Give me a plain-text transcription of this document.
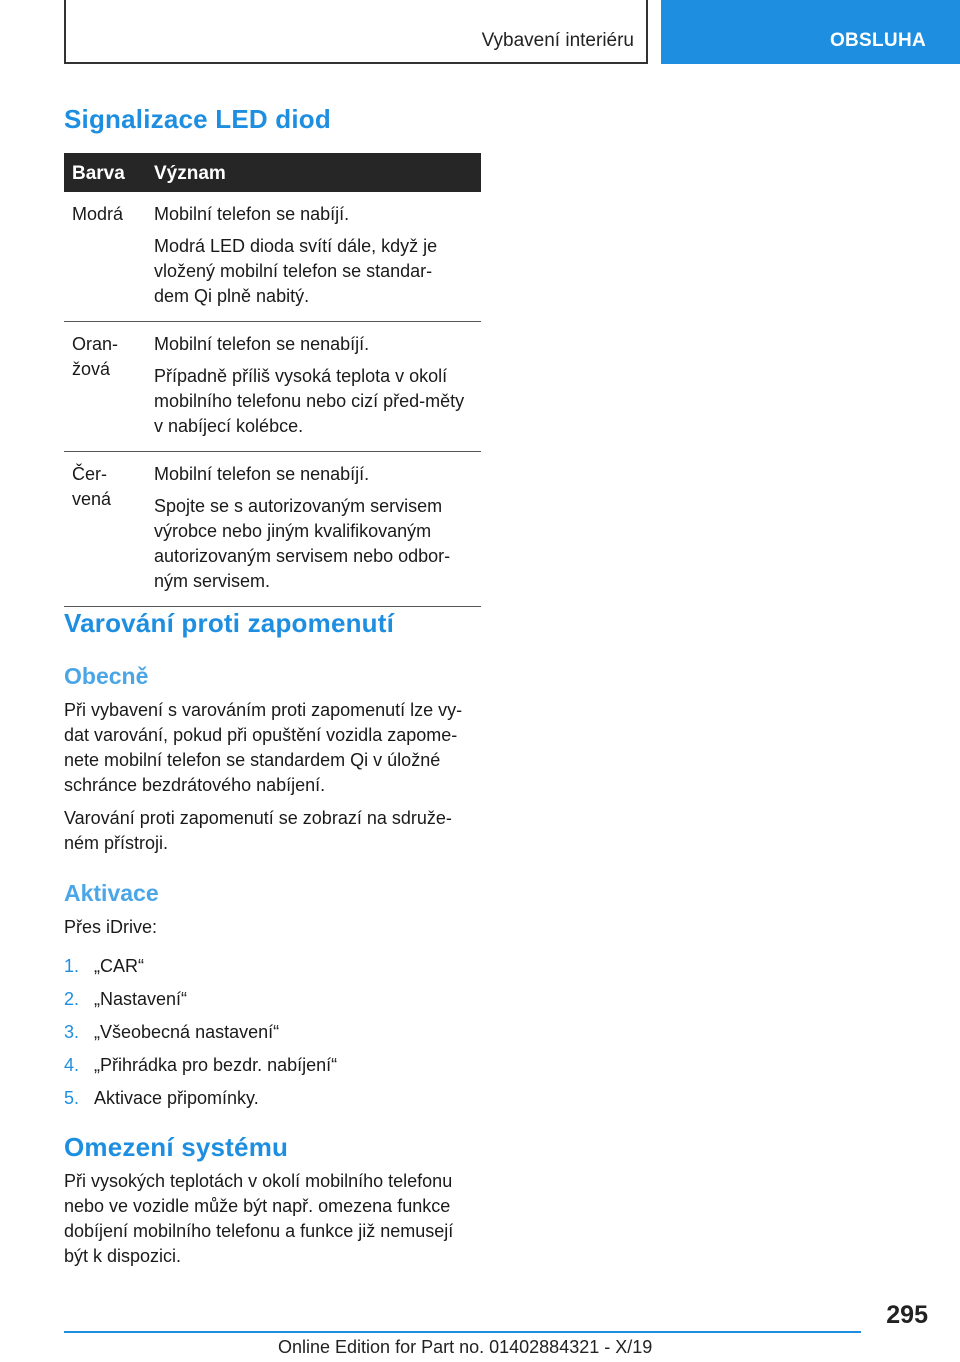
Vybavení interiéru	OBSLUHA
Signalizace LED diod
Barva Význam
Modrá	Mobilní telefon se nabíjí.
Modrá LED dioda svítí dále, když je vložený mobilní telefon se standar‐dem Qi plně nabitý.
Oran‐
žová
Mobilní telefon se nenabíjí.
Případně příliš vysoká teplota v okolí mobilního telefonu nebo cizí před‐měty v nabíjecí kolébce.
Čer‐
vená
Mobilní telefon se nenabíjí.
Spojte se s autorizovaným servisem výrobce nebo jiným kvalifikovaným autorizovaným servisem nebo odbor‐ným servisem.
Varování proti zapomenutí
Obecně
Při vybavení s varováním proti zapomenutí lze vy‐dat varování, pokud při opuštění vozidla zapome‐nete mobilní telefon se standardem Qi v úložné schránce bezdrátového nabíjení.
Varování proti zapomenutí se zobrazí na sdruže‐ném přístroji.
Aktivace
Přes iDrive:
1. „CAR“
2. „Nastavení“
3. „Všeobecná nastavení“
4. „Přihrádka pro bezdr. nabíjení“
5. Aktivace připomínky.
Omezení systému
Při vysokých teplotách v okolí mobilního telefonu nebo ve vozidle může být např. omezena funkce dobíjení mobilního telefonu a funkce již nemusejí být k dispozici.
295
Online Edition for Part no. 01402884321 - X/19
